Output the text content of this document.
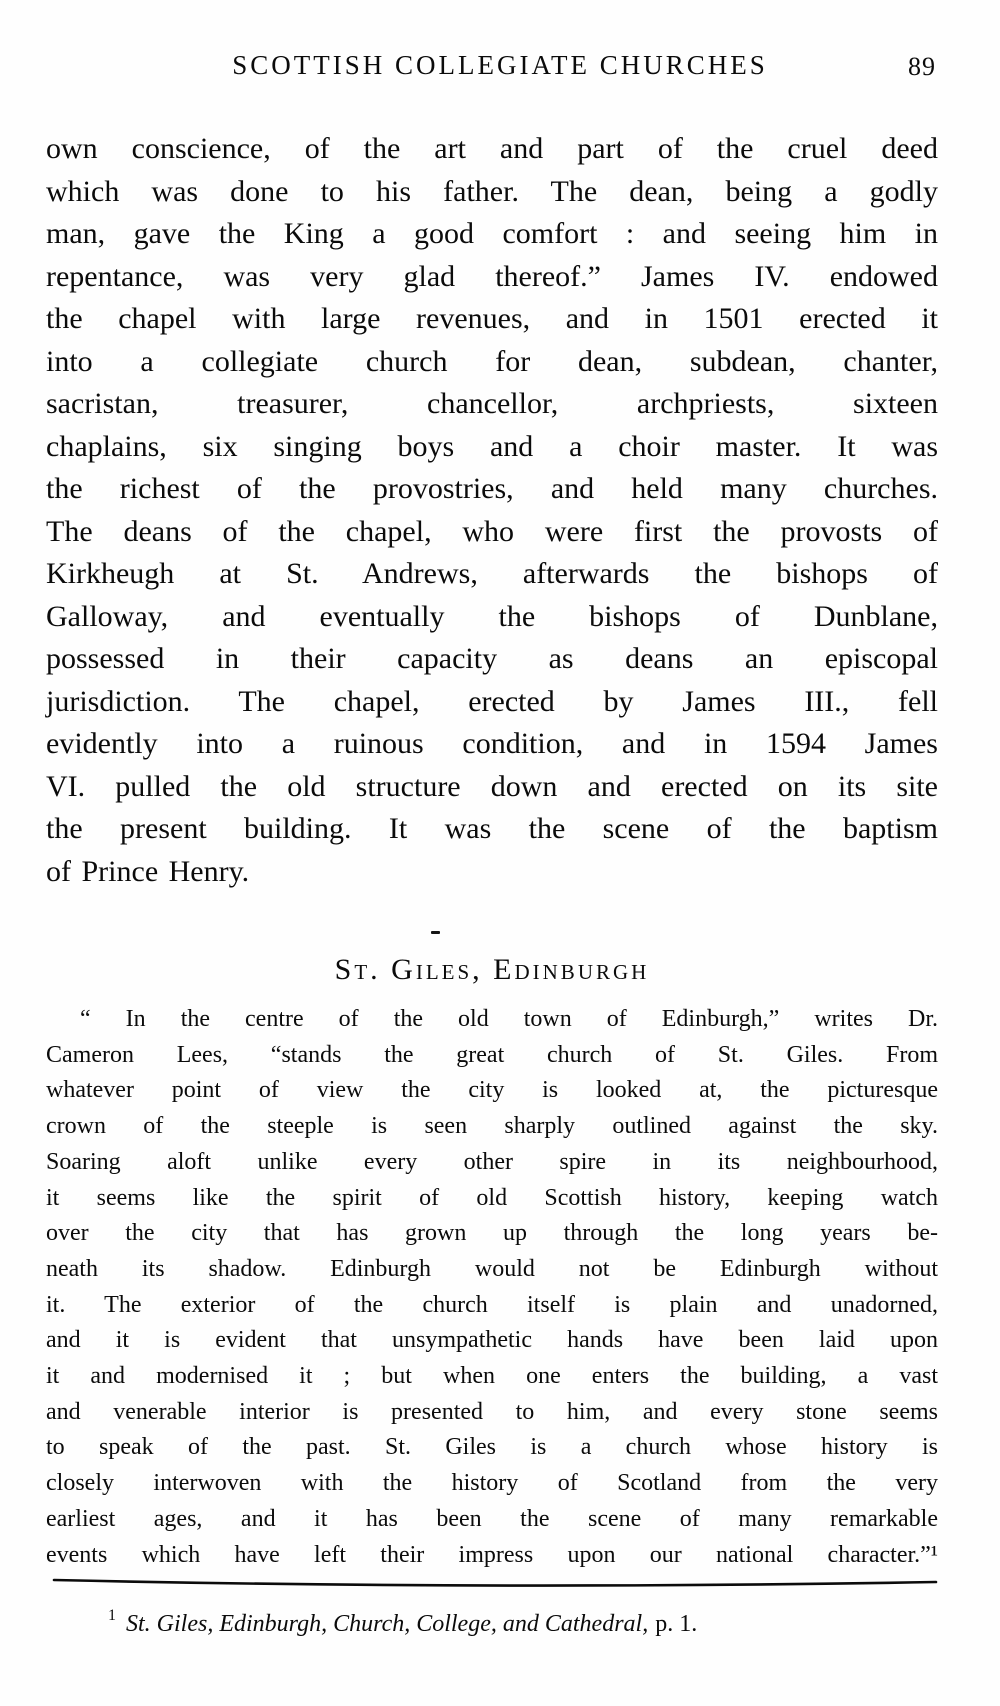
SCOTTISH COLLEGIATE CHURCHES	89
own conscience, of the art and part of the cruel deed
which was done to his father. The dean, being a godly
man, gave the King a good comfort : and seeing him in
repentance, was very glad thereof.” James IV. endowed
the chapel with large revenues, and in 1501 erected it
into a collegiate church for dean, subdean, chanter,
sacristan, treasurer, chancellor, archpriests, sixteen
chaplains, six singing boys and a choir master. It was
the richest of the provostries, and held many churches.
The deans of the chapel, who were first the provosts of
Kirkheugh at St. Andrews, afterwards the bishops of
Galloway, and eventually the bishops of Dunblane,
possessed in their capacity as deans an episcopal
jurisdiction. The chapel, erected by James III., fell
evidently into a ruinous condition, and in 1594 James
VI. pulled the old structure down and erected on its site
the present building. It was the scene of the baptism
of Prince Henry.
St. Giles, Edinburgh
“ In the centre of the old town of Edinburgh,” writes Dr.
Cameron Lees, “stands the great church of St. Giles. From
whatever point of view the city is looked at, the picturesque
crown of the steeple is seen sharply outlined against the sky.
Soaring aloft unlike every other spire in its neighbourhood,
it seems like the spirit of old Scottish history, keeping watch
over the city that has grown up through the long years be-
neath its shadow. Edinburgh would not be Edinburgh without
it. The exterior of the church itself is plain and unadorned,
and it is evident that unsympathetic hands have been laid upon
it and modernised it ; but when one enters the building, a vast
and venerable interior is presented to him, and every stone seems
to speak of the past. St. Giles is a church whose history is
closely interwoven with the history of Scotland from the very
earliest ages, and it has been the scene of many remarkable
events which have left their impress upon our national character.”¹
$^1$ St. Giles, Edinburgh, Church, College, and Cathedral, p. 1.
